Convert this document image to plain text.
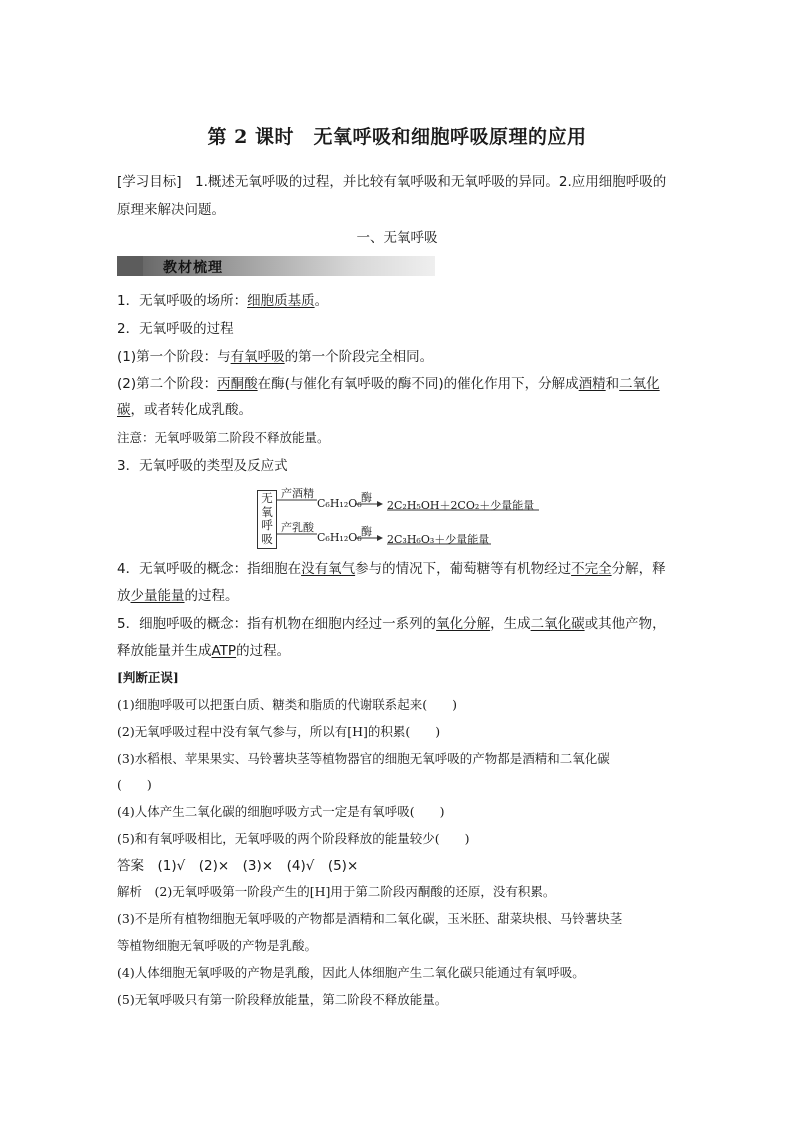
第 2 课时　无氧呼吸和细胞呼吸原理的应用
[学习目标]　1.概述无氧呼吸的过程，并比较有氧呼吸和无氧呼吸的异同。2.应用细胞呼吸的
原理来解决问题。
一、无氧呼吸
教材梳理
1．无氧呼吸的场所：细胞质基质。
2．无氧呼吸的过程
(1)第一个阶段：与有氧呼吸的第一个阶段完全相同。
(2)第二个阶段：丙酮酸在酶(与催化有氧呼吸的酶不同)的催化作用下，分解成酒精和二氧化
碳，或者转化成乳酸。
注意：无氧呼吸第二阶段不释放能量。
3．无氧呼吸的类型及反应式
无
氧
呼
吸
产酒精
产乳酸
C₆H₁₂O₆
C₆H₁₂O₆
酶
酶
2C₂H₅OH＋2CO₂＋少量能量
2C₃H₆O₃＋少量能量
4．无氧呼吸的概念：指细胞在没有氧气参与的情况下，葡萄糖等有机物经过不完全分解，释
放少量能量的过程。
5．细胞呼吸的概念：指有机物在细胞内经过一系列的氧化分解，生成二氧化碳或其他产物，
释放能量并生成ATP的过程。
[判断正误]
(1)细胞呼吸可以把蛋白质、糖类和脂质的代谢联系起来(　　)
(2)无氧呼吸过程中没有氧气参与，所以有[H]的积累(　　)
(3)水稻根、苹果果实、马铃薯块茎等植物器官的细胞无氧呼吸的产物都是酒精和二氧化碳
(　　)
(4)人体产生二氧化碳的细胞呼吸方式一定是有氧呼吸(　　)
(5)和有氧呼吸相比，无氧呼吸的两个阶段释放的能量较少(　　)
答案　(1)√　(2)×　(3)×　(4)√　(5)×
解析　(2)无氧呼吸第一阶段产生的[H]用于第二阶段丙酮酸的还原，没有积累。
(3)不是所有植物细胞无氧呼吸的产物都是酒精和二氧化碳，玉米胚、甜菜块根、马铃薯块茎
等植物细胞无氧呼吸的产物是乳酸。
(4)人体细胞无氧呼吸的产物是乳酸，因此人体细胞产生二氧化碳只能通过有氧呼吸。
(5)无氧呼吸只有第一阶段释放能量，第二阶段不释放能量。
